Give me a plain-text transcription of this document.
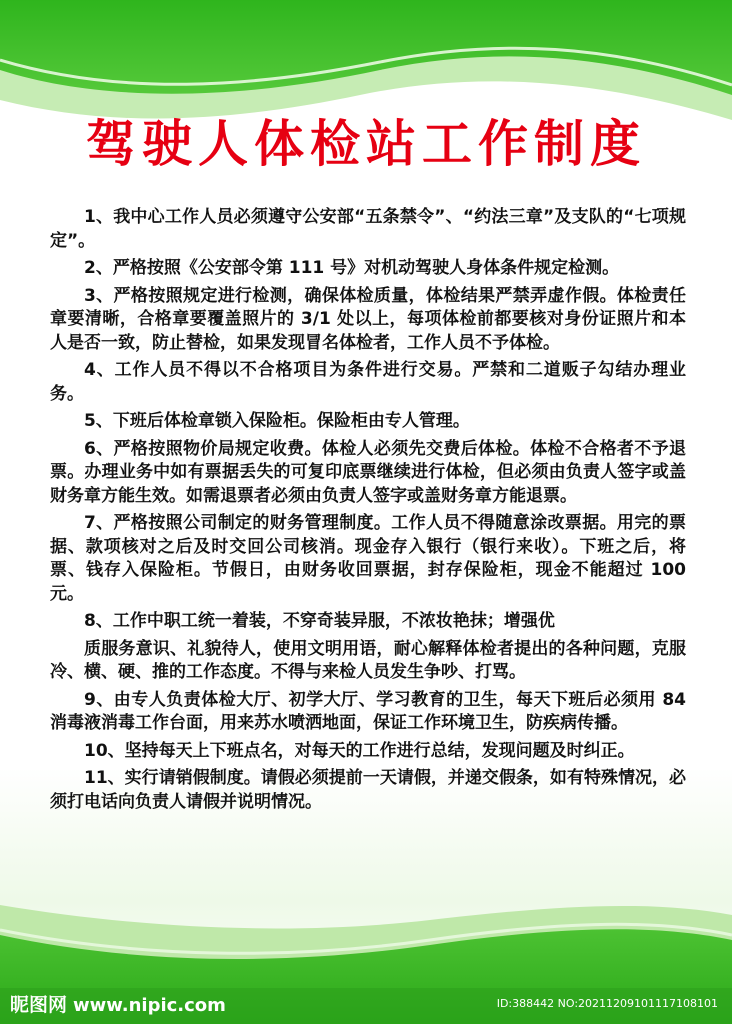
驾驶人体检站工作制度

1、我中心工作人员必须遵守公安部“五条禁令”、“约法三章”及支队的“七项规定”。

2、严格按照《公安部令第 111 号》对机动驾驶人身体条件规定检测。

3、严格按照规定进行检测，确保体检质量，体检结果严禁弄虚作假。体检责任章要清晰，合格章要覆盖照片的 3/1 处以上，每项体检前都要核对身份证照片和本人是否一致，防止替检，如果发现冒名体检者，工作人员不予体检。

4、工作人员不得以不合格项目为条件进行交易。严禁和二道贩子勾结办理业务。

5、下班后体检章锁入保险柜。保险柜由专人管理。

6、严格按照物价局规定收费。体检人必须先交费后体检。体检不合格者不予退票。办理业务中如有票据丢失的可复印底票继续进行体检，但必须由负责人签字或盖财务章方能生效。如需退票者必须由负责人签字或盖财务章方能退票。

7、严格按照公司制定的财务管理制度。工作人员不得随意涂改票据。用完的票据、款项核对之后及时交回公司核消。现金存入银行（银行来收）。下班之后，将票、钱存入保险柜。节假日，由财务收回票据，封存保险柜，现金不能超过 100 元。

8、工作中职工统一着装，不穿奇装异服，不浓妆艳抹；增强优

质服务意识、礼貌待人，使用文明用语，耐心解释体检者提出的各种问题，克服冷、横、硬、推的工作态度。不得与来检人员发生争吵、打骂。

9、由专人负责体检大厅、初学大厅、学习教育的卫生，每天下班后必须用 84 消毒液消毒工作台面，用来苏水喷洒地面，保证工作环境卫生，防疾病传播。

10、坚持每天上下班点名，对每天的工作进行总结，发现问题及时纠正。

11、实行请销假制度。请假必须提前一天请假，并递交假条，如有特殊情况，必须打电话向负责人请假并说明情况。

昵图网 www.nipic.com	ID:388442 NO:20211209101117108101
